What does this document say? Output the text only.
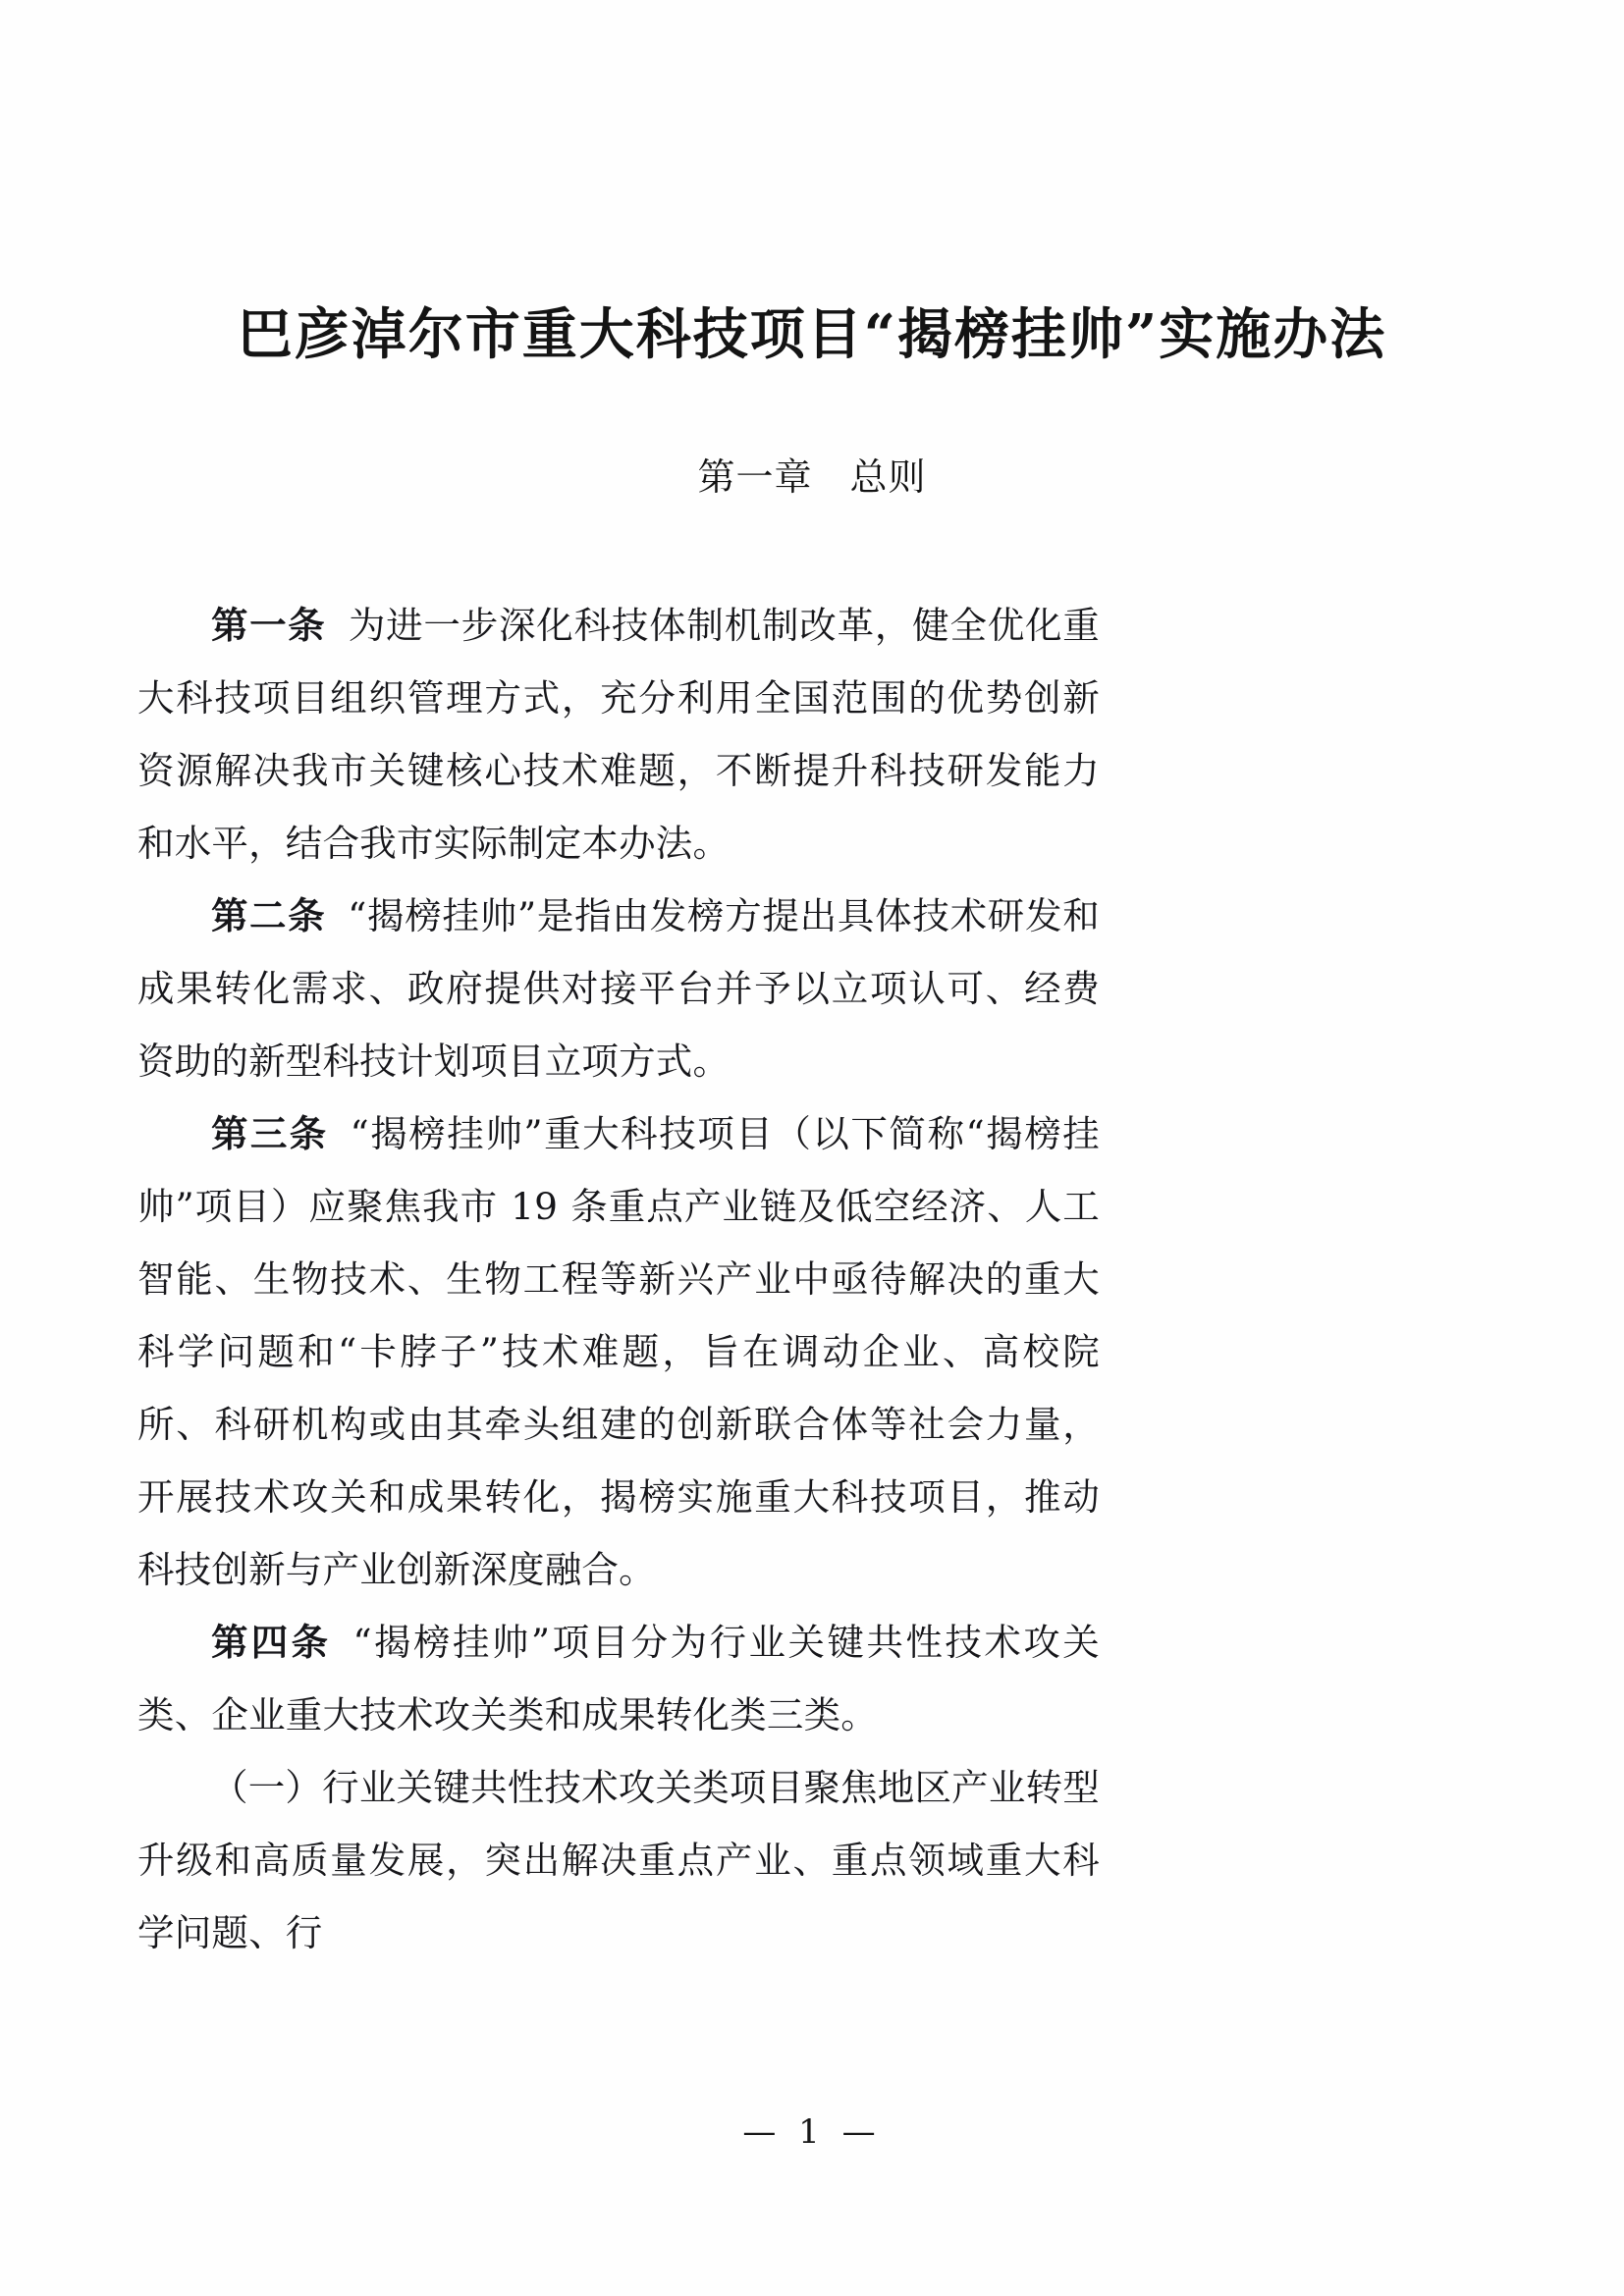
巴彦淖尔市重大科技项目“揭榜挂帅”实施办法
第一章 总则

第一条 为进一步深化科技体制机制改革，健全优化重大科技项目组织管理方式，充分利用全国范围的优势创新资源解决我市关键核心技术难题，不断提升科技研发能力和水平，结合我市实际制定本办法。

第二条 “揭榜挂帅”是指由发榜方提出具体技术研发和成果转化需求、政府提供对接平台并予以立项认可、经费资助的新型科技计划项目立项方式。

第三条 “揭榜挂帅”重大科技项目（以下简称“揭榜挂帅”项目）应聚焦我市 19 条重点产业链及低空经济、人工智能、生物技术、生物工程等新兴产业中亟待解决的重大科学问题和“卡脖子”技术难题，旨在调动企业、高校院所、科研机构或由其牵头组建的创新联合体等社会力量，开展技术攻关和成果转化，揭榜实施重大科技项目，推动科技创新与产业创新深度融合。

第四条 “揭榜挂帅”项目分为行业关键共性技术攻关类、企业重大技术攻关类和成果转化类三类。

（一）行业关键共性技术攻关类项目聚焦地区产业转型升级和高质量发展，突出解决重点产业、重点领域重大科学问题、行

— 1 —
